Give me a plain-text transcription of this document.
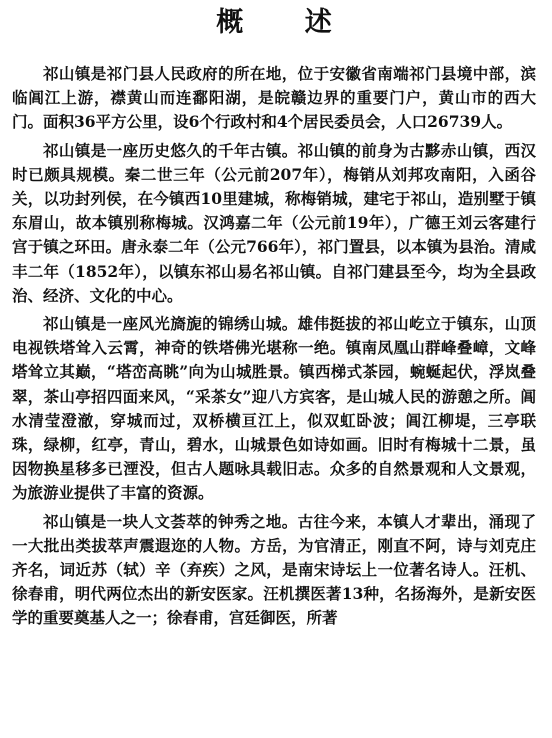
概 述

祁山镇是祁门县人民政府的所在地，位于安徽省南端祁门县境中部，滨临阊江上游，襟黄山而连鄱阳湖，是皖赣边界的重要门户，黄山市的西大门。面积36平方公里，设6个行政村和4个居民委员会，人口26739人。

祁山镇是一座历史悠久的千年古镇。祁山镇的前身为古黟赤山镇，西汉时已颇具规模。秦二世三年（公元前207年），梅销从刘邦攻南阳，入函谷关，以功封列侯，在今镇西10里建城，称梅销城，建宅于祁山，造别墅于镇东眉山，故本镇别称梅城。汉鸿嘉二年（公元前19年），广德王刘云客建行宫于镇之环田。唐永泰二年（公元766年），祁门置县，以本镇为县治。清咸丰二年（1852年），以镇东祁山易名祁山镇。自祁门建县至今，均为全县政治、经济、文化的中心。

祁山镇是一座风光旖旎的锦绣山城。雄伟挺拔的祁山屹立于镇东，山顶电视铁塔耸入云霄，神奇的铁塔佛光堪称一绝。镇南凤凰山群峰叠嶂，文峰塔耸立其巅，“塔峦高眺”向为山城胜景。镇西梯式茶园，蜿蜒起伏，浮岚叠翠，茶山亭招四面来风，“采茶女”迎八方宾客，是山城人民的游憩之所。阊水清莹澄澈，穿城而过，双桥横亘江上，似双虹卧波；阊江柳堤，三亭联珠，绿柳，红亭，青山，碧水，山城景色如诗如画。旧时有梅城十二景，虽因物换星移多已湮没，但古人题咏具载旧志。众多的自然景观和人文景观，为旅游业提供了丰富的资源。

祁山镇是一块人文荟萃的钟秀之地。古往今来，本镇人才辈出，涌现了一大批出类拔萃声震遐迩的人物。方岳，为官清正，刚直不阿，诗与刘克庄齐名，词近苏（轼）辛（弃疾）之风，是南宋诗坛上一位著名诗人。汪机、徐春甫，明代两位杰出的新安医家。汪机撰医著13种，名扬海外，是新安医学的重要奠基人之一；徐春甫，宫廷御医，所著
